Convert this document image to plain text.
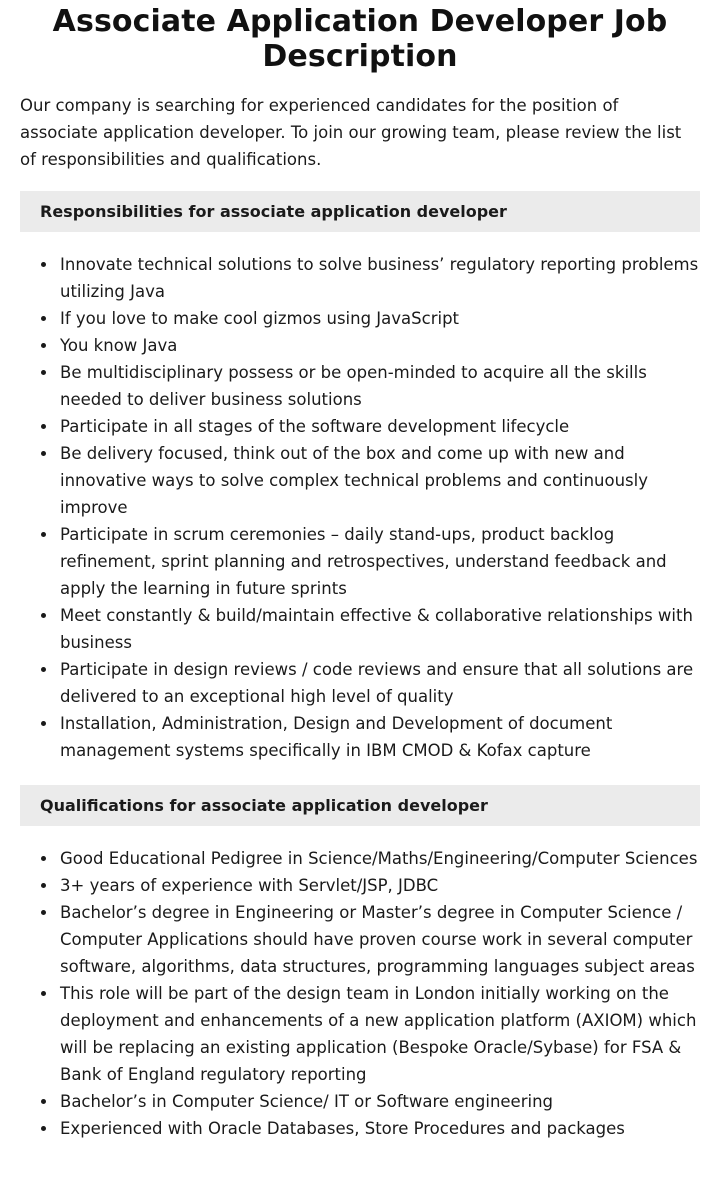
Associate Application Developer Job Description

Our company is searching for experienced candidates for the position of associate application developer. To join our growing team, please review the list of responsibilities and qualifications.

Responsibilities for associate application developer
Innovate technical solutions to solve business’ regulatory reporting problems utilizing Java
If you love to make cool gizmos using JavaScript
You know Java
Be multidisciplinary possess or be open-minded to acquire all the skills needed to deliver business solutions
Participate in all stages of the software development lifecycle
Be delivery focused, think out of the box and come up with new and innovative ways to solve complex technical problems and continuously improve
Participate in scrum ceremonies – daily stand-ups, product backlog refinement, sprint planning and retrospectives, understand feedback and apply the learning in future sprints
Meet constantly & build/maintain effective & collaborative relationships with business
Participate in design reviews / code reviews and ensure that all solutions are delivered to an exceptional high level of quality
Installation, Administration, Design and Development of document management systems specifically in IBM CMOD & Kofax capture
Qualifications for associate application developer
Good Educational Pedigree in Science/Maths/Engineering/Computer Sciences
3+ years of experience with Servlet/JSP, JDBC
Bachelor’s degree in Engineering or Master’s degree in Computer Science / Computer Applications should have proven course work in several computer software, algorithms, data structures, programming languages subject areas
This role will be part of the design team in London initially working on the deployment and enhancements of a new application platform (AXIOM) which will be replacing an existing application (Bespoke Oracle/Sybase) for FSA & Bank of England regulatory reporting
Bachelor’s in Computer Science/ IT or Software engineering
Experienced with Oracle Databases, Store Procedures and packages
